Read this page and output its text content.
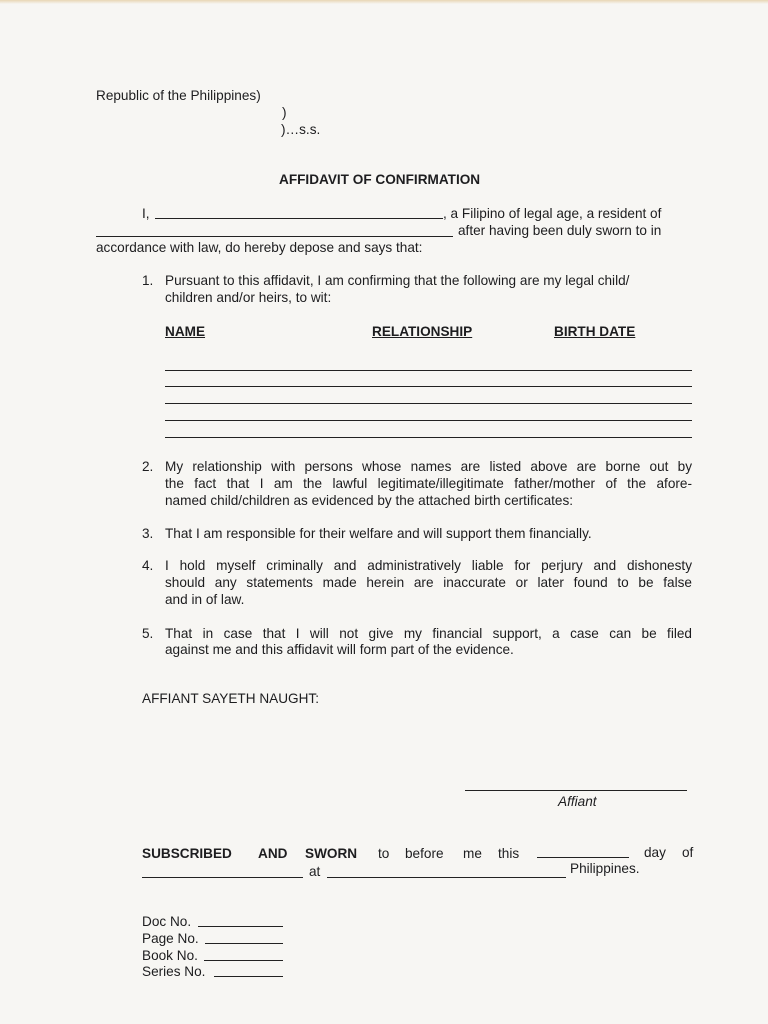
Republic of the Philippines)
)
)…s.s.
AFFIDAVIT OF CONFIRMATION
I,	, a Filipino of legal age, a resident of
after having been duly sworn to in
accordance with law, do hereby depose and says that:
1. Pursuant to this affidavit, I am confirming that the following are my legal child/
children and/or heirs, to wit:
NAME	RELATIONSHIP	BIRTH DATE
2. My relationship with persons whose names are listed above are borne out by
the fact that I am the lawful legitimate/illegitimate father/mother of the afore-
named child/children as evidenced by the attached birth certificates:
3. That I am responsible for their welfare and will support them financially.
4. I hold myself criminally and administratively liable for perjury and dishonesty
should any statements made herein are inaccurate or later found to be false
and in of law.
5. That in case that I will not give my financial support, a case can be filed
against me and this affidavit will form part of the evidence.
AFFIANT SAYETH NAUGHT:
Affiant
SUBSCRIBED AND SWORN to before me this	day of
at	Philippines.
Doc No.
Page No.
Book No.
Series No.
